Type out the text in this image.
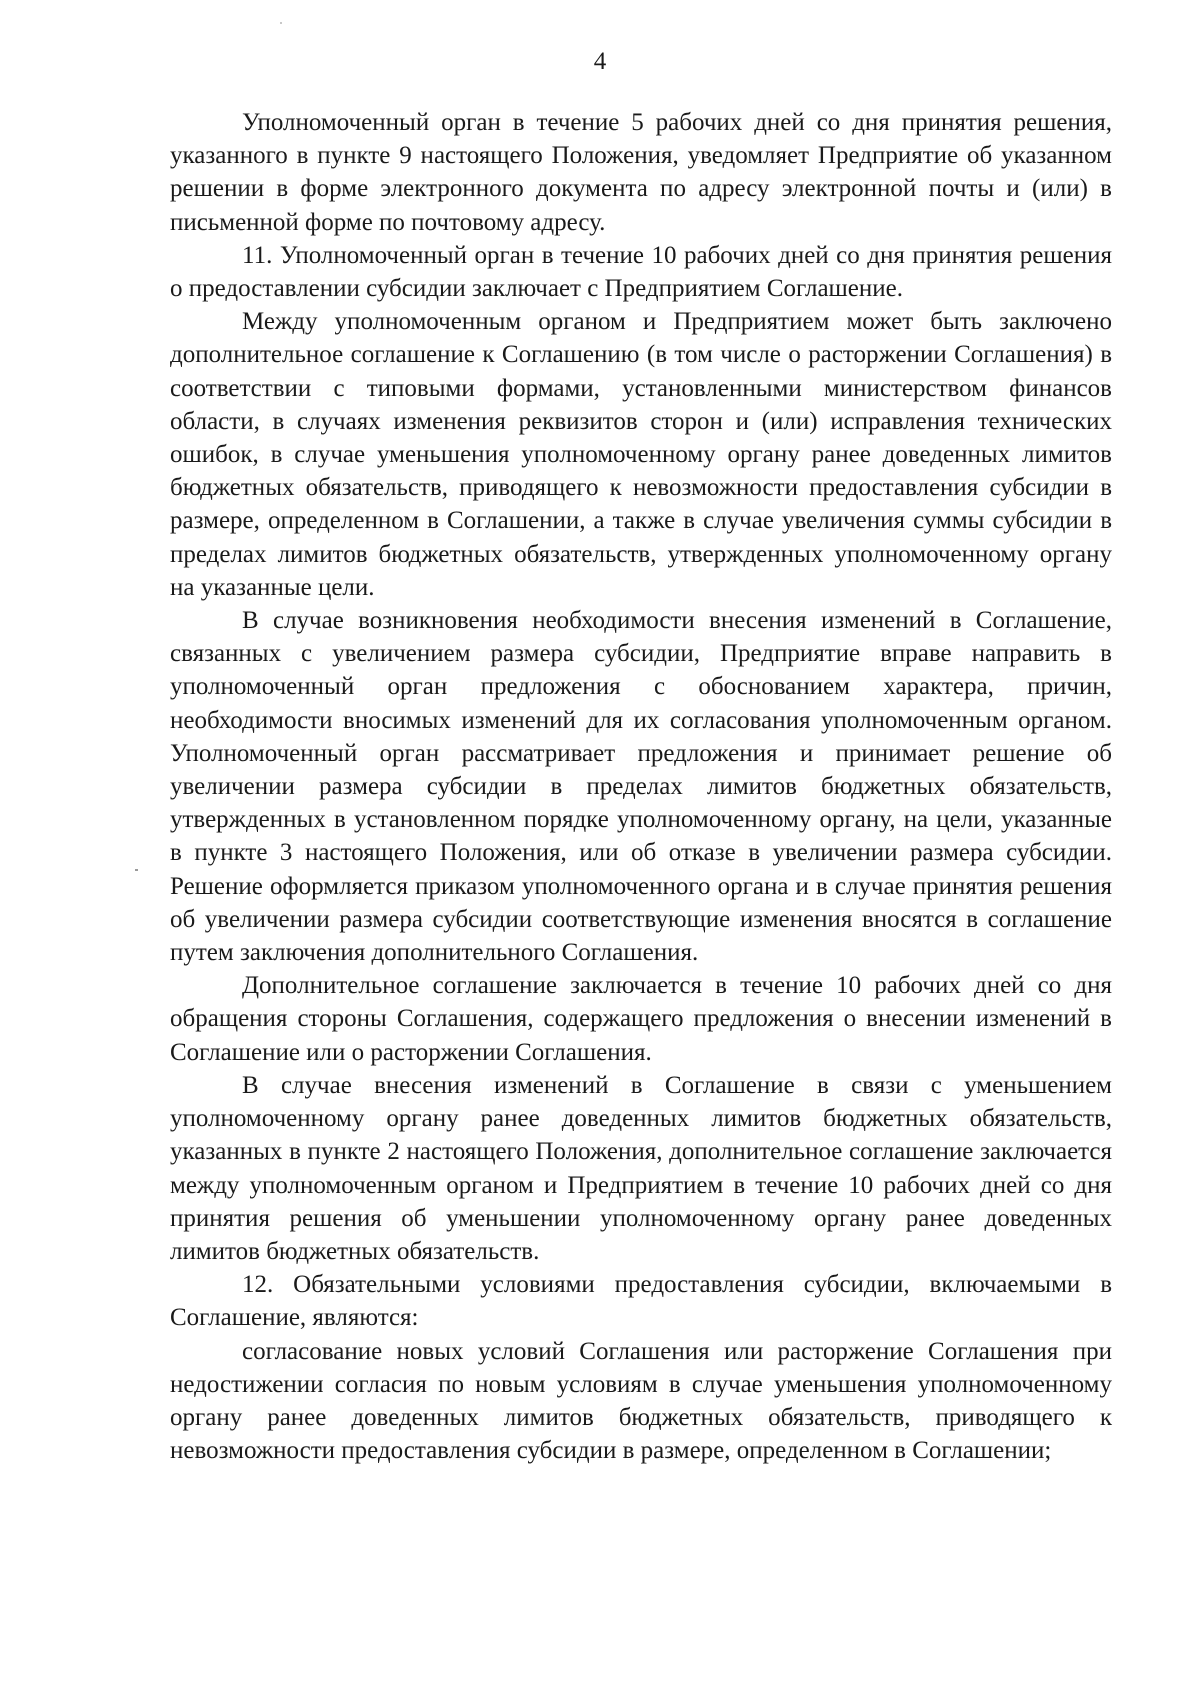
4

Уполномоченный орган в течение 5 рабочих дней со дня принятия решения, указанного в пункте 9 настоящего Положения, уведомляет Предприятие об указанном решении в форме электронного документа по адресу электронной почты и (или) в письменной форме по почтовому адресу.

11. Уполномоченный орган в течение 10 рабочих дней со дня принятия решения о предоставлении субсидии заключает с Предприятием Соглашение.

Между уполномоченным органом и Предприятием может быть заключено дополнительное соглашение к Соглашению (в том числе о расторжении Соглашения) в соответствии с типовыми формами, установленными министерством финансов области, в случаях изменения реквизитов сторон и (или) исправления технических ошибок, в случае уменьшения уполномоченному органу ранее доведенных лимитов бюджетных обязательств, приводящего к невозможности предоставления субсидии в размере, определенном в Соглашении, а также в случае увеличения суммы субсидии в пределах лимитов бюджетных обязательств, утвержденных уполномоченному органу на указанные цели.

В случае возникновения необходимости внесения изменений в Соглашение, связанных с увеличением размера субсидии, Предприятие вправе направить в уполномоченный орган предложения с обоснованием характера, причин, необходимости вносимых изменений для их согласования уполномоченным органом. Уполномоченный орган рассматривает предложения и принимает решение об увеличении размера субсидии в пределах лимитов бюджетных обязательств, утвержденных в установленном порядке уполномоченному органу, на цели, указанные в пункте 3 настоящего Положения, или об отказе в увеличении размера субсидии. Решение оформляется приказом уполномоченного органа и в случае принятия решения об увеличении размера субсидии соответствующие изменения вносятся в соглашение путем заключения дополнительного Соглашения.

Дополнительное соглашение заключается в течение 10 рабочих дней со дня обращения стороны Соглашения, содержащего предложения о внесении изменений в Соглашение или о расторжении Соглашения.

В случае внесения изменений в Соглашение в связи с уменьшением уполномоченному органу ранее доведенных лимитов бюджетных обязательств, указанных в пункте 2 настоящего Положения, дополнительное соглашение заключается между уполномоченным органом и Предприятием в течение 10 рабочих дней со дня принятия решения об уменьшении уполномоченному органу ранее доведенных лимитов бюджетных обязательств.

12. Обязательными условиями предоставления субсидии, включаемыми в Соглашение, являются:

согласование новых условий Соглашения или расторжение Соглашения при недостижении согласия по новым условиям в случае уменьшения уполномоченному органу ранее доведенных лимитов бюджетных обязательств, приводящего к невозможности предоставления субсидии в размере, определенном в Соглашении;
